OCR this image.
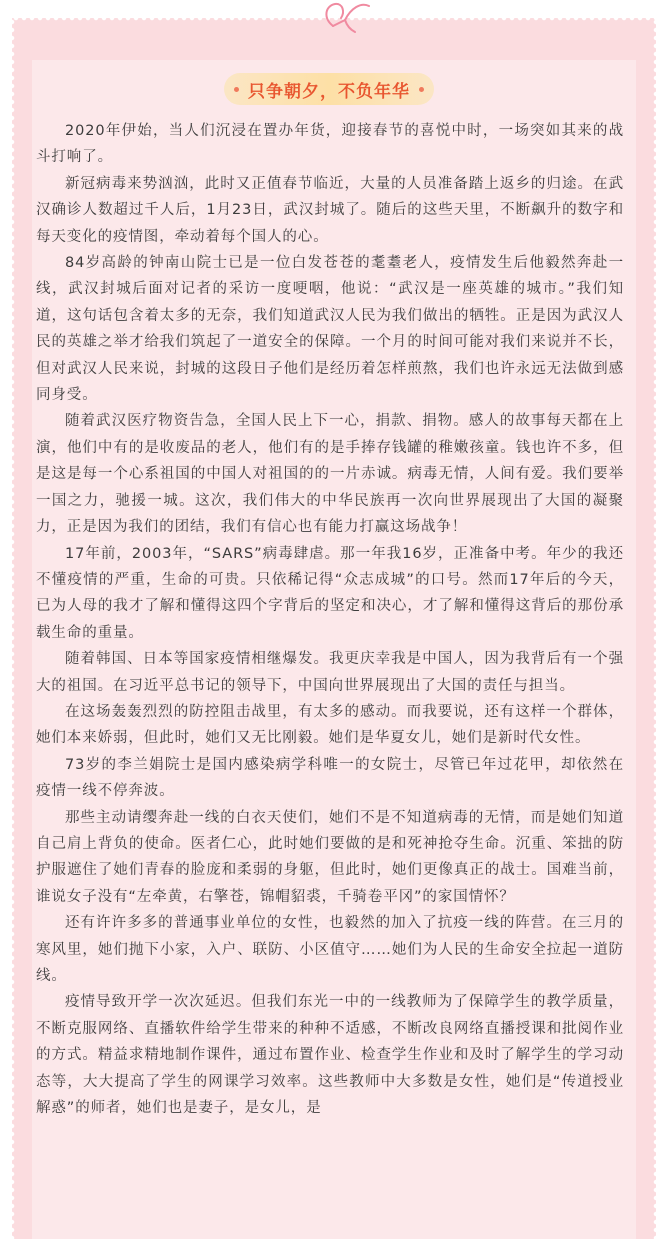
只争朝夕，不负年华

2020年伊始，当人们沉浸在置办年货，迎接春节的喜悦中时，一场突如其来的战斗打响了。

新冠病毒来势汹汹，此时又正值春节临近，大量的人员准备踏上返乡的归途。在武汉确诊人数超过千人后，1月23日，武汉封城了。随后的这些天里，不断飙升的数字和每天变化的疫情图，牵动着每个国人的心。

84岁高龄的钟南山院士已是一位白发苍苍的耄耋老人，疫情发生后他毅然奔赴一线，武汉封城后面对记者的采访一度哽咽，他说：“武汉是一座英雄的城市。”我们知道，这句话包含着太多的无奈，我们知道武汉人民为我们做出的牺牲。正是因为武汉人民的英雄之举才给我们筑起了一道安全的保障。一个月的时间可能对我们来说并不长，但对武汉人民来说，封城的这段日子他们是经历着怎样煎熬，我们也许永远无法做到感同身受。

随着武汉医疗物资告急，全国人民上下一心，捐款、捐物。感人的故事每天都在上演，他们中有的是收废品的老人，他们有的是手捧存钱罐的稚嫩孩童。钱也许不多，但是这是每一个心系祖国的中国人对祖国的的一片赤诚。病毒无情，人间有爱。我们要举一国之力，驰援一城。这次，我们伟大的中华民族再一次向世界展现出了大国的凝聚力，正是因为我们的团结，我们有信心也有能力打赢这场战争！

17年前，2003年，“SARS”病毒肆虐。那一年我16岁，正准备中考。年少的我还不懂疫情的严重，生命的可贵。只依稀记得“众志成城”的口号。然而17年后的今天，已为人母的我才了解和懂得这四个字背后的坚定和决心，才了解和懂得这背后的那份承载生命的重量。

随着韩国、日本等国家疫情相继爆发。我更庆幸我是中国人，因为我背后有一个强大的祖国。在习近平总书记的领导下，中国向世界展现出了大国的责任与担当。

在这场轰轰烈烈的防控阻击战里，有太多的感动。而我要说，还有这样一个群体，她们本来娇弱，但此时，她们又无比刚毅。她们是华夏女儿，她们是新时代女性。

73岁的李兰娟院士是国内感染病学科唯一的女院士，尽管已年过花甲，却依然在疫情一线不停奔波。

那些主动请缨奔赴一线的白衣天使们，她们不是不知道病毒的无情，而是她们知道自己肩上背负的使命。医者仁心，此时她们要做的是和死神抢夺生命。沉重、笨拙的防护服遮住了她们青春的脸庞和柔弱的身躯，但此时，她们更像真正的战士。国难当前，谁说女子没有“左牵黄，右擎苍，锦帽貂裘，千骑卷平冈”的家国情怀？

还有许许多多的普通事业单位的女性，也毅然的加入了抗疫一线的阵营。在三月的寒风里，她们抛下小家，入户、联防、小区值守……她们为人民的生命安全拉起一道防线。

疫情导致开学一次次延迟。但我们东光一中的一线教师为了保障学生的教学质量，不断克服网络、直播软件给学生带来的种种不适感，不断改良网络直播授课和批阅作业的方式。精益求精地制作课件，通过布置作业、检查学生作业和及时了解学生的学习动态等，大大提高了学生的网课学习效率。这些教师中大多数是女性，她们是“传道授业解惑”的师者，她们也是妻子，是女儿，是
